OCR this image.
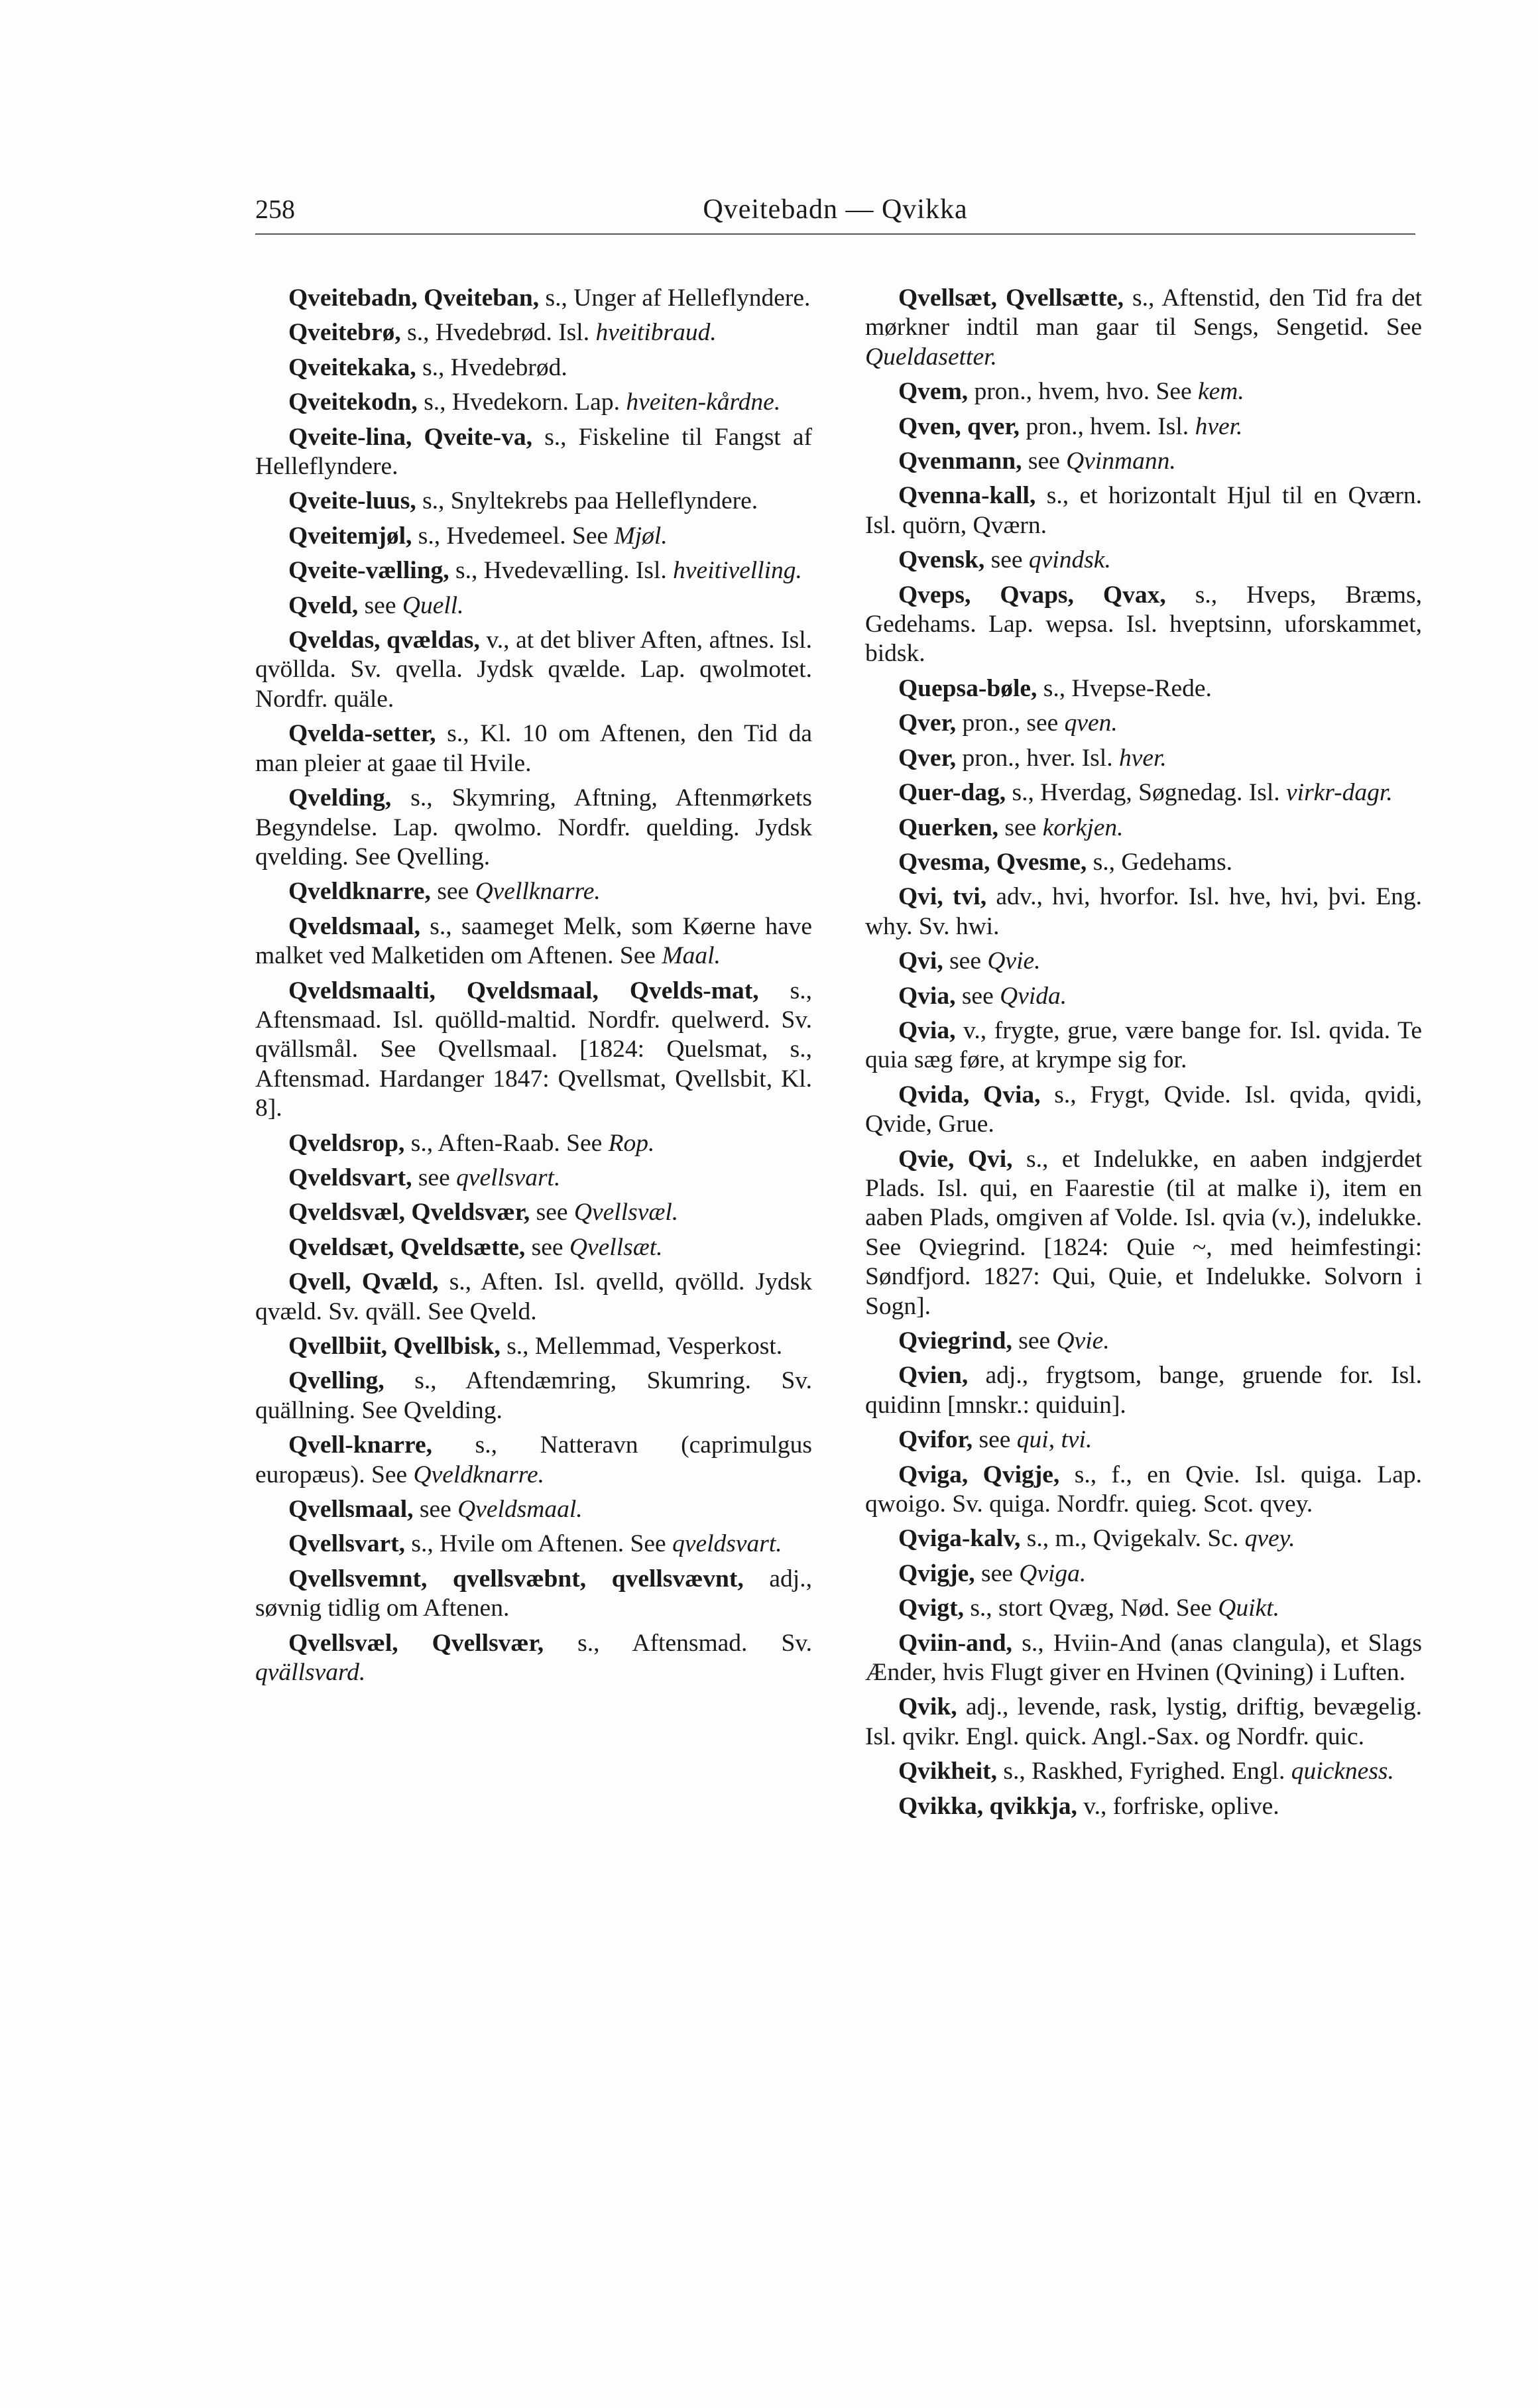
258	Qveitebadn — Qvikka

Qveitebadn, Qveiteban, s., Unger af Helleflyndere.

Qveitebrø, s., Hvedebrød. Isl. hveitibraud.

Qveitekaka, s., Hvedebrød.

Qveitekodn, s., Hvedekorn. Lap. hveiten-kårdne.

Qveite-lina, Qveite-va, s., Fiskeline til Fangst af Helleflyndere.

Qveite-luus, s., Snyltekrebs paa Helleflyndere.

Qveitemjøl, s., Hvedemeel. See Mjøl.

Qveite-vælling, s., Hvedevælling. Isl. hveitivelling.

Qveld, see Quell.

Qveldas, qvældas, v., at det bliver Aften, aftnes. Isl. qvöllda. Sv. qvella. Jydsk qvælde. Lap. qwolmotet. Nordfr. quäle.

Qvelda-setter, s., Kl. 10 om Aftenen, den Tid da man pleier at gaae til Hvile.

Qvelding, s., Skymring, Aftning, Aftenmørkets Begyndelse. Lap. qwolmo. Nordfr. quelding. Jydsk qvelding. See Qvelling.

Qveldknarre, see Qvellknarre.

Qveldsmaal, s., saameget Melk, som Køerne have malket ved Malketiden om Aftenen. See Maal.

Qveldsmaalti, Qveldsmaal, Qvelds-mat, s., Aftensmaad. Isl. quölld-maltid. Nordfr. quelwerd. Sv. qvällsmål. See Qvellsmaal. [1824: Quelsmat, s., Aftensmad. Hardanger 1847: Qvellsmat, Qvellsbit, Kl. 8].

Qveldsrop, s., Aften-Raab. See Rop.

Qveldsvart, see qvellsvart.

Qveldsvæl, Qveldsvær, see Qvellsvæl.

Qveldsæt, Qveldsætte, see Qvellsæt.

Qvell, Qvæld, s., Aften. Isl. qvelld, qvölld. Jydsk qvæld. Sv. qväll. See Qveld.

Qvellbiit, Qvellbisk, s., Mellemmad, Vesperkost.

Qvelling, s., Aftendæmring, Skumring. Sv. quällning. See Qvelding.

Qvell-knarre, s., Natteravn (caprimulgus europæus). See Qveldknarre.

Qvellsmaal, see Qveldsmaal.

Qvellsvart, s., Hvile om Aftenen. See qveldsvart.

Qvellsvemnt, qvellsvæbnt, qvellsvævnt, adj., søvnig tidlig om Aftenen.

Qvellsvæl, Qvellsvær, s., Aftensmad. Sv. qvällsvard.

Qvellsæt, Qvellsætte, s., Aftenstid, den Tid fra det mørkner indtil man gaar til Sengs, Sengetid. See Queldasetter.

Qvem, pron., hvem, hvo. See kem.

Qven, qver, pron., hvem. Isl. hver.

Qvenmann, see Qvinmann.

Qvenna-kall, s., et horizontalt Hjul til en Qværn. Isl. quörn, Qværn.

Qvensk, see qvindsk.

Qveps, Qvaps, Qvax, s., Hveps, Bræms, Gedehams. Lap. wepsa. Isl. hveptsinn, uforskammet, bidsk.

Quepsa-bøle, s., Hvepse-Rede.

Qver, pron., see qven.

Qver, pron., hver. Isl. hver.

Quer-dag, s., Hverdag, Søgnedag. Isl. virkr-dagr.

Querken, see korkjen.

Qvesma, Qvesme, s., Gedehams.

Qvi, tvi, adv., hvi, hvorfor. Isl. hve, hvi, þvi. Eng. why. Sv. hwi.

Qvi, see Qvie.

Qvia, see Qvida.

Qvia, v., frygte, grue, være bange for. Isl. qvida. Te quia sæg føre, at krympe sig for.

Qvida, Qvia, s., Frygt, Qvide. Isl. qvida, qvidi, Qvide, Grue.

Qvie, Qvi, s., et Indelukke, en aaben indgjerdet Plads. Isl. qui, en Faarestie (til at malke i), item en aaben Plads, omgiven af Volde. Isl. qvia (v.), indelukke. See Qviegrind. [1824: Quie ~, med heimfestingi: Søndfjord. 1827: Qui, Quie, et Indelukke. Solvorn i Sogn].

Qviegrind, see Qvie.

Qvien, adj., frygtsom, bange, gruende for. Isl. quidinn [mnskr.: quiduin].

Qvifor, see qui, tvi.

Qviga, Qvigje, s., f., en Qvie. Isl. quiga. Lap. qwoigo. Sv. quiga. Nordfr. quieg. Scot. qvey.

Qviga-kalv, s., m., Qvigekalv. Sc. qvey.

Qvigje, see Qviga.

Qvigt, s., stort Qvæg, Nød. See Quikt.

Qviin-and, s., Hviin-And (anas clangula), et Slags Ænder, hvis Flugt giver en Hvinen (Qvining) i Luften.

Qvik, adj., levende, rask, lystig, driftig, bevægelig. Isl. qvikr. Engl. quick. Angl.-Sax. og Nordfr. quic.

Qvikheit, s., Raskhed, Fyrighed. Engl. quickness.

Qvikka, qvikkja, v., forfriske, oplive.
